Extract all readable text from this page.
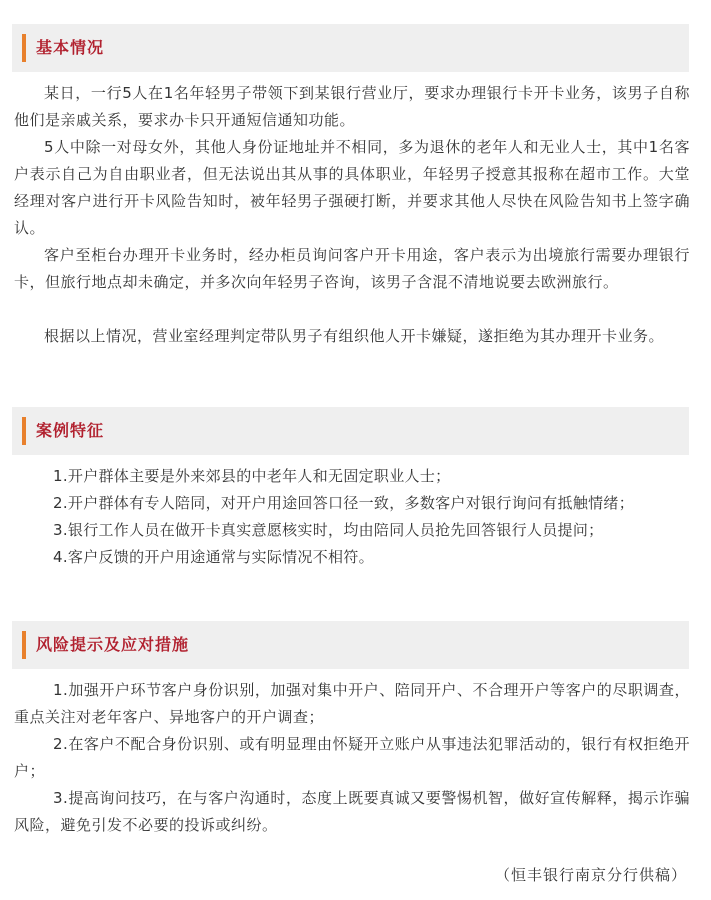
基本情况

某日，一行5人在1名年轻男子带领下到某银行营业厅，要求办理银行卡开卡业务，该男子自称他们是亲戚关系，要求办卡只开通短信通知功能。

5人中除一对母女外，其他人身份证地址并不相同，多为退休的老年人和无业人士，其中1名客户表示自己为自由职业者，但无法说出其从事的具体职业，年轻男子授意其报称在超市工作。大堂经理对客户进行开卡风险告知时，被年轻男子强硬打断，并要求其他人尽快在风险告知书上签字确认。

客户至柜台办理开卡业务时，经办柜员询问客户开卡用途，客户表示为出境旅行需要办理银行卡，但旅行地点却未确定，并多次向年轻男子咨询，该男子含混不清地说要去欧洲旅行。

根据以上情况，营业室经理判定带队男子有组织他人开卡嫌疑，遂拒绝为其办理开卡业务。

案例特征

1.开户群体主要是外来郊县的中老年人和无固定职业人士；

2.开户群体有专人陪同，对开户用途回答口径一致，多数客户对银行询问有抵触情绪；

3.银行工作人员在做开卡真实意愿核实时，均由陪同人员抢先回答银行人员提问；

4.客户反馈的开户用途通常与实际情况不相符。

风险提示及应对措施

1.加强开户环节客户身份识别，加强对集中开户、陪同开户、不合理开户等客户的尽职调查，重点关注对老年客户、异地客户的开户调查；

2.在客户不配合身份识别、或有明显理由怀疑开立账户从事违法犯罪活动的，银行有权拒绝开户；

3.提高询问技巧，在与客户沟通时，态度上既要真诚又要警惕机智，做好宣传解释，揭示诈骗风险，避免引发不必要的投诉或纠纷。

（恒丰银行南京分行供稿）
